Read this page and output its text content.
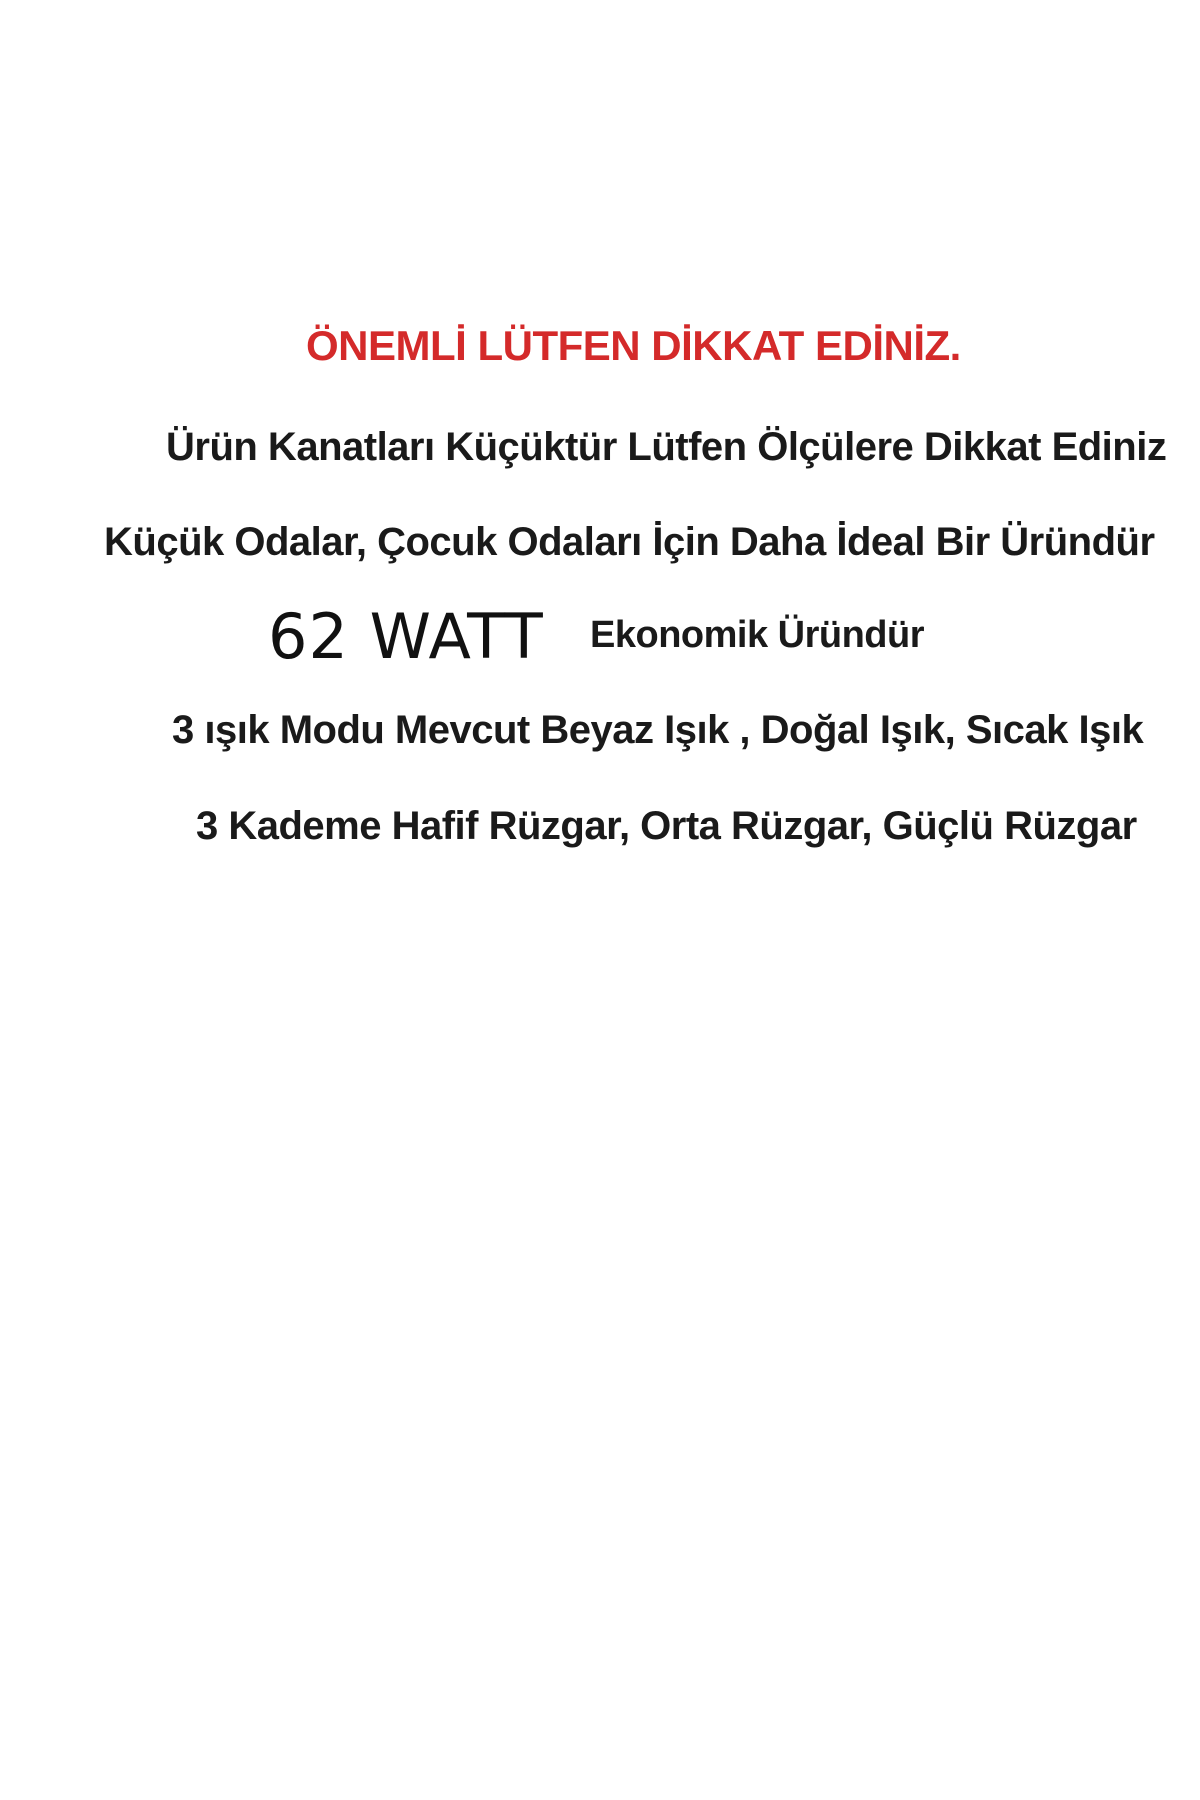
ÖNEMLİ LÜTFEN DİKKAT EDİNİZ.
Ürün Kanatları Küçüktür Lütfen Ölçülere Dikkat Ediniz
Küçük Odalar, Çocuk Odaları İçin Daha İdeal Bir Üründür
62 WATT Ekonomik Üründür
3 ışık Modu Mevcut Beyaz Işık , Doğal Işık, Sıcak Işık
3 Kademe Hafif Rüzgar, Orta Rüzgar, Güçlü Rüzgar
